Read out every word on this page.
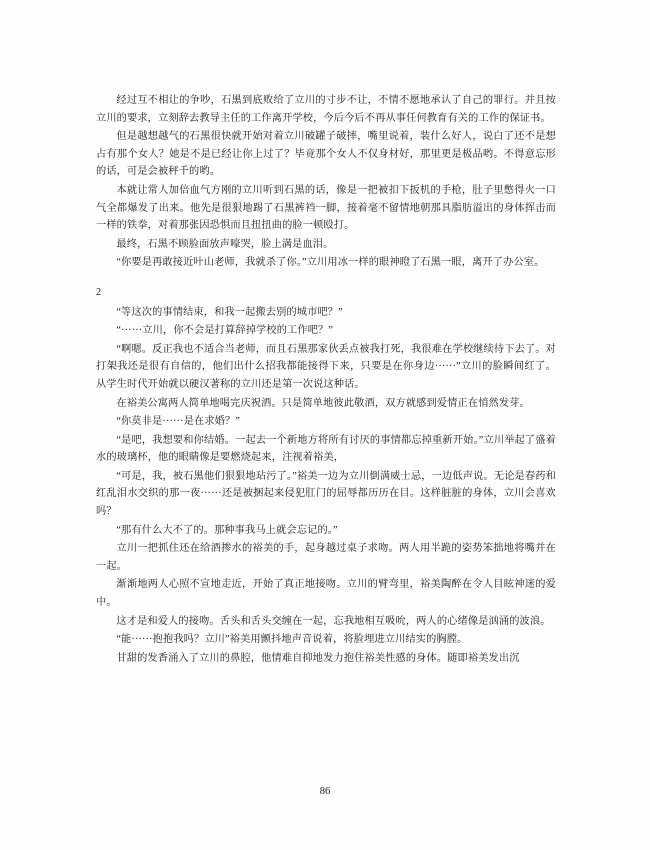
经过互不相让的争吵，石黑到底败给了立川的寸步不让，不情不愿地承认了自己的罪行。并且按立川的要求，立刻辞去教导主任的工作离开学校，今后今后不再从事任何教育有关的工作的保证书。

但是越想越气的石黑很快就开始对着立川破罐子破摔，嘴里说着，装什么好人，说白了还不是想占有那个女人？她是不是已经让你上过了？毕竟那个女人不仅身材好，那里更是极品哟。不得意忘形的话，可是会被秤千的哟。

本就让常人加倍血气方刚的立川听到石黑的话，像是一把被扣下扳机的手枪，肚子里憋得火一口气全都爆发了出来。他先是很狠地踢了石黑裤裆一脚，接着毫不留情地朝那具脂肪溢出的身体挥击而一样的铁拳，对着那张因恐惧而且扭扭曲的脸一顿殴打。

最终，石黑不顾脸面放声嚎哭，脸上满是血泪。

“你要是再敢接近叶山老师，我就杀了你。”立川用冰一样的眼神瞪了石黑一眼，离开了办公室。

2

“等这次的事情结束，和我一起搬去别的城市吧？”

“······立川，你不会是打算辞掉学校的工作吧？”

“啊嗯。反正我也不适合当老师，而且石黑那家伙丢点被我打死，我很难在学校继续待下去了。对打架我还是很有自信的，他们出什么招我都能接得下来，只要是在你身边······”立川的脸瞬间红了。从学生时代开始就以硬汉著称的立川还是第一次说这种话。

在裕美公寓两人简单地喝完庆祝酒。只是简单地彼此敬酒，双方就感到爱情正在悄然发芽。

“你莫非是······是在求婚？”

“是吧，我想要和你结婚。一起去一个新地方将所有讨厌的事情都忘掉重新开始。”立川举起了盛着水的玻璃杯，他的眼睛像是要燃烧起来，注视着裕美，

“可是，我，被石黑他们狠狠地玷污了。”裕美一边为立川倒满威士忌，一边低声说。无论是春药和红乱泪水交织的那一夜······还是被捆起来侵犯肛门的屈辱都历历在目。这样脏脏的身体，立川会喜欢吗？

“那有什么大不了的。那种事我马上就会忘记的。”

立川一把抓住还在给酒掺水的裕美的手，起身越过桌子求吻。两人用半跪的姿势笨拙地将嘴并在一起。

渐渐地两人心照不宣地走近，开始了真正地接吻。立川的臂弯里，裕美陶醉在令人目眩神迷的爱中。

这才是和爱人的接吻。舌头和舌头交缠在一起，忘我地相互吸吮，两人的心绪像是汹涌的波浪。

“能······抱抱我吗？立川”裕美用颤抖地声音说着，将脸埋进立川结实的胸膛。

甘甜的发香涌入了立川的鼻腔，他情难自抑地发力抱住裕美性感的身体。随即裕美发出沉

86
